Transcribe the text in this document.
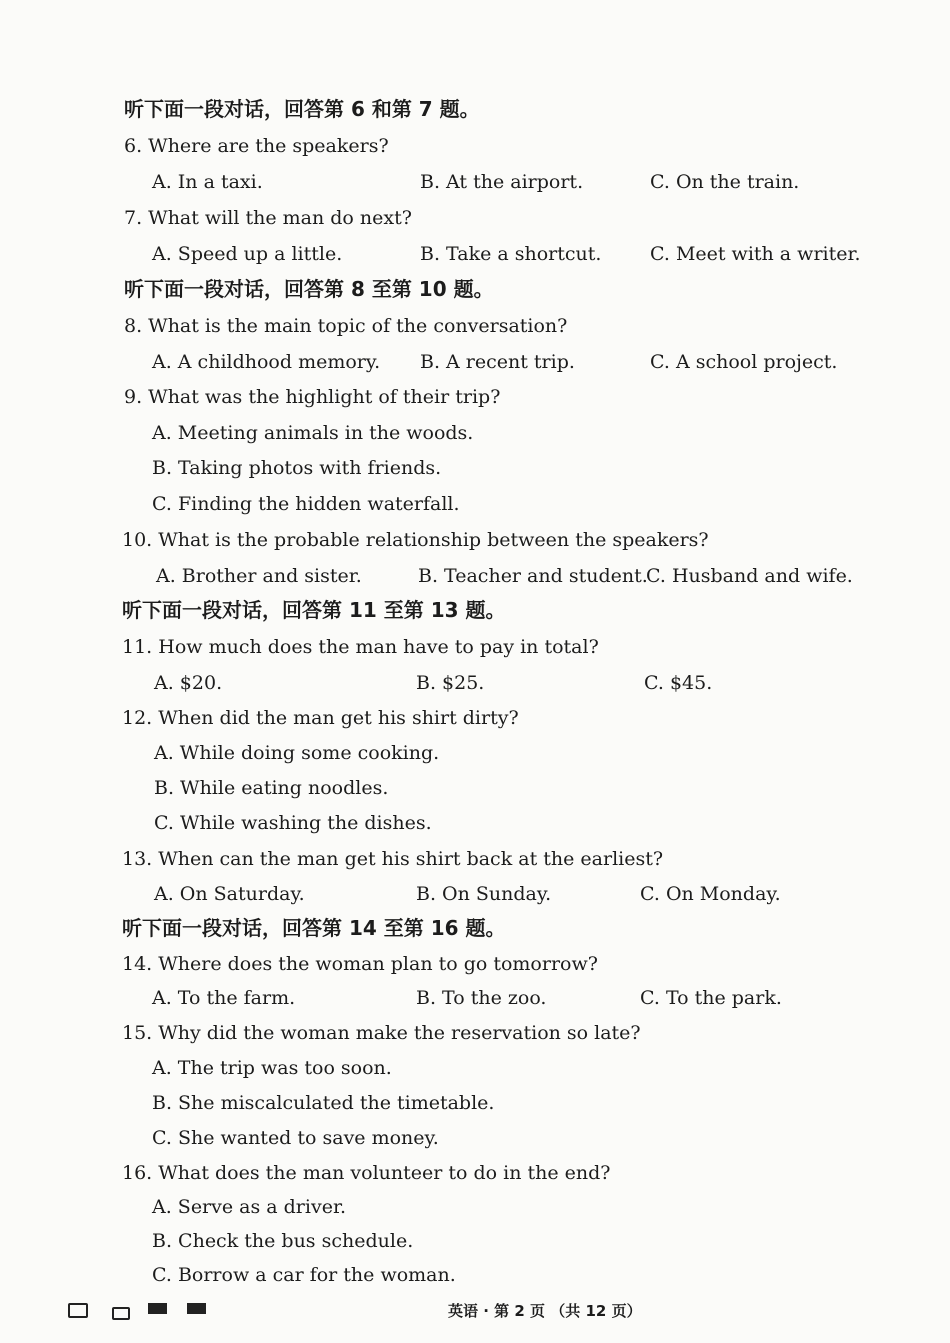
听下面一段对话，回答第 6 和第 7 题。
6. Where are the speakers?
A. In a taxi.	B. At the airport.	C. On the train.
7. What will the man do next?
A. Speed up a little.	B. Take a shortcut.	C. Meet with a writer.
听下面一段对话，回答第 8 至第 10 题。
8. What is the main topic of the conversation?
A. A childhood memory. B. A recent trip.	C. A school project.
9. What was the highlight of their trip?
A. Meeting animals in the woods.
B. Taking photos with friends.
C. Finding the hidden waterfall.
10. What is the probable relationship between the speakers?
A. Brother and sister.	B. Teacher and student.
C. Husband and wife.
听下面一段对话，回答第 11 至第 13 题。
11. How much does the man have to pay in total?
A. $20.	B. $25.	C. $45.
12. When did the man get his shirt dirty?
A. While doing some cooking.
B. While eating noodles.
C. While washing the dishes.
13. When can the man get his shirt back at the earliest?
A. On Saturday.	B. On Sunday.	C. On Monday.
听下面一段对话，回答第 14 至第 16 题。
14. Where does the woman plan to go tomorrow?
A. To the farm.	B. To the zoo.	C. To the park.
15. Why did the woman make the reservation so late?
A. The trip was too soon.
B. She miscalculated the timetable.
C. She wanted to save money.
16. What does the man volunteer to do in the end?
A. Serve as a driver.
B. Check the bus schedule.
C. Borrow a car for the woman.
英语 · 第 2 页 （共 12 页）
